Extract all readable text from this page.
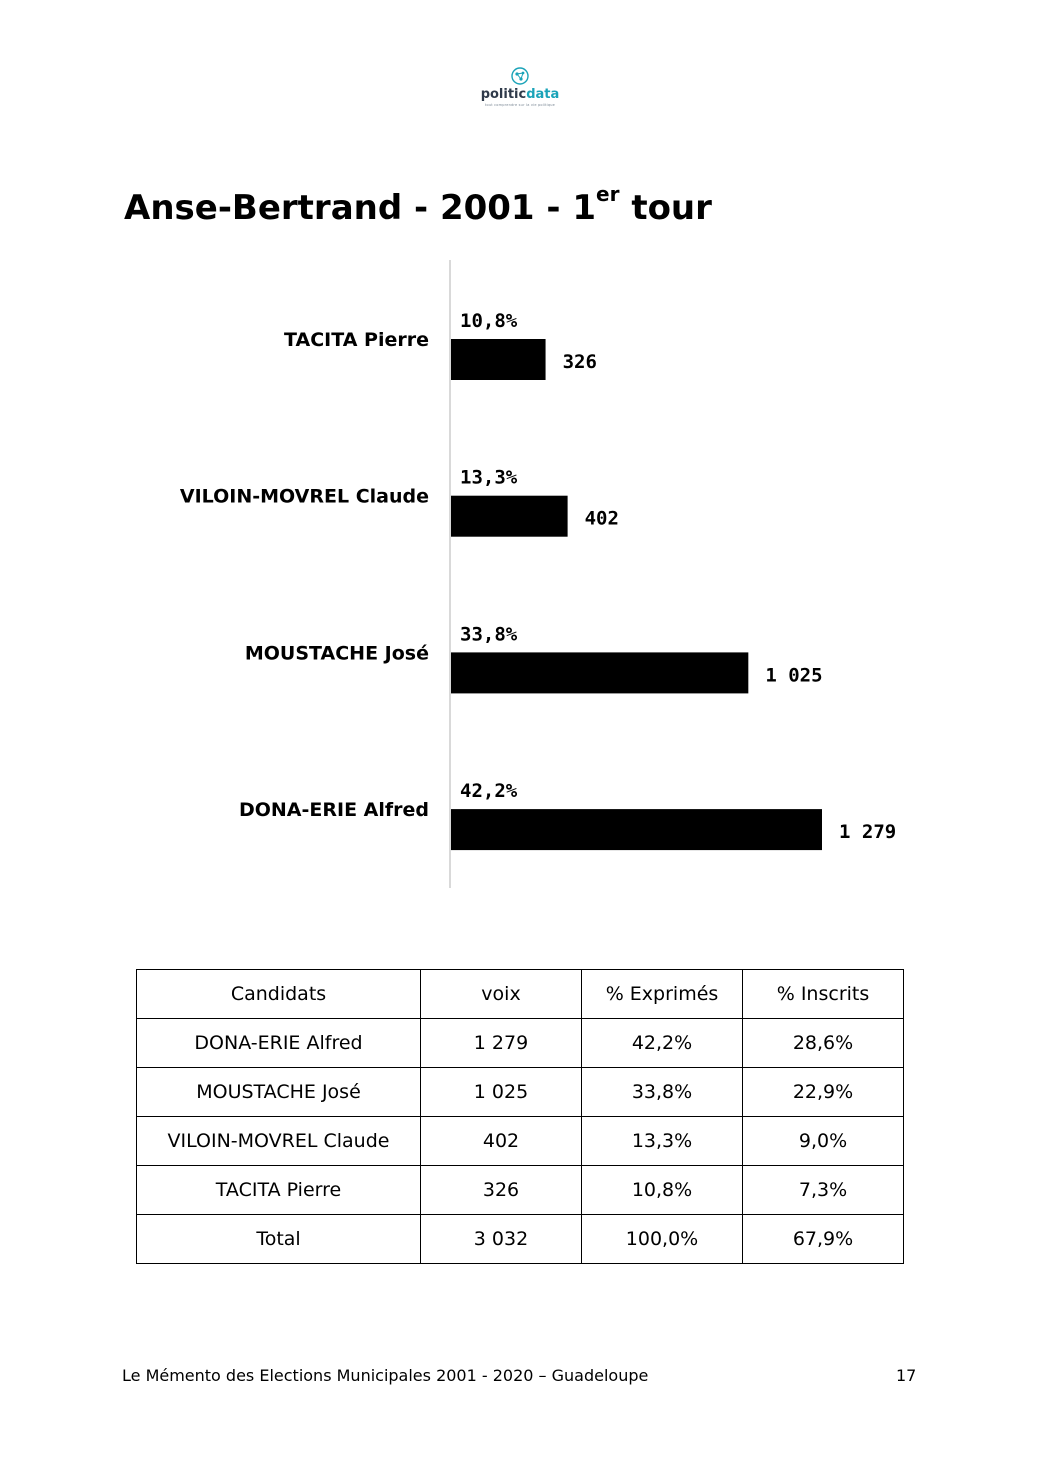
politicdata
tout comprendre sur la vie politique
Anse-Bertrand - 2001 - 1er tour
TACITA Pierre
10,8%
326
VILOIN-MOVREL Claude
13,3%
402
MOUSTACHE José
33,8%
1 025
DONA-ERIE Alfred
42,2%
1 279
Candidats	voix	% Exprimés	% Inscrits
DONA-ERIE Alfred	1 279	42,2%	28,6%
MOUSTACHE José	1 025	33,8%	22,9%
VILOIN-MOVREL Claude	402	13,3%	9,0%
TACITA Pierre	326	10,8%	7,3%
Total	3 032	100,0%	67,9%
Le Mémento des Elections Municipales 2001 - 2020 – Guadeloupe	17
